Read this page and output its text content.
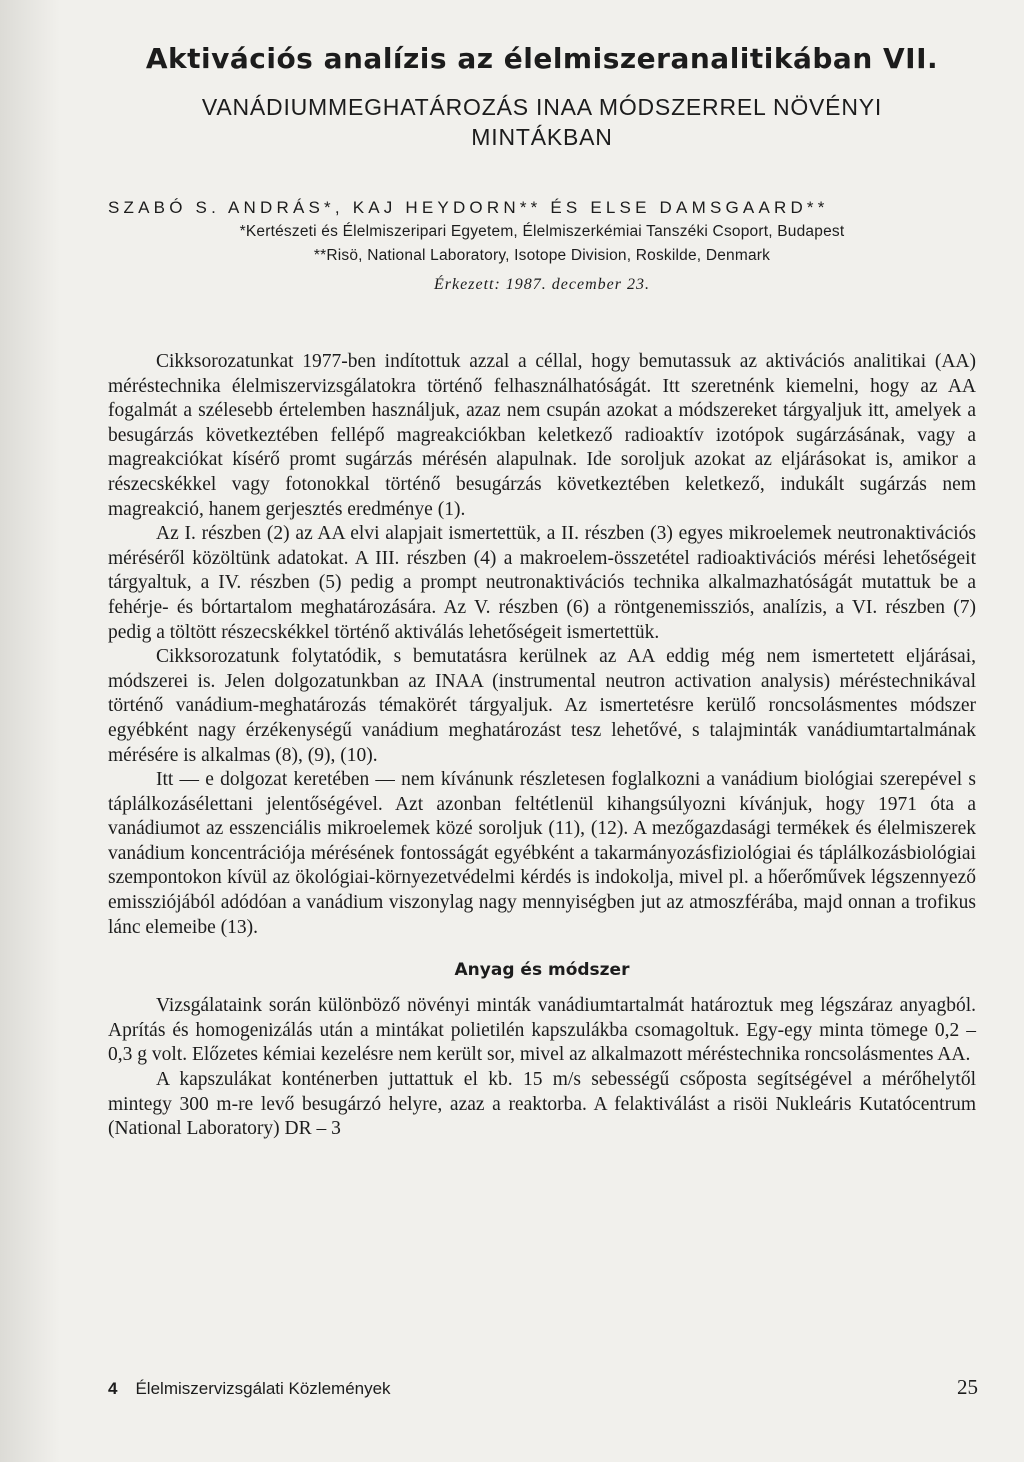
Aktivációs analízis az élelmiszeranalitikában VII.
VANÁDIUMMEGHATÁROZÁS INAA MÓDSZERREL NÖVÉNYI
MINTÁKBAN
SZABÓ S. ANDRÁS*, KAJ HEYDORN** ÉS ELSE DAMSGAARD**
*Kertészeti és Élelmiszeripari Egyetem, Élelmiszerkémiai Tanszéki Csoport, Budapest
**Risö, National Laboratory, Isotope Division, Roskilde, Denmark
Érkezett: 1987. december 23.

Cikksorozatunkat 1977-ben indítottuk azzal a céllal, hogy bemutassuk az aktivációs analitikai (AA) méréstechnika élelmiszervizsgálatokra történő felhasználhatóságát. Itt szeretnénk kiemelni, hogy az AA fogalmát a szélesebb értelemben használjuk, azaz nem csupán azokat a módszereket tárgyaljuk itt, amelyek a besugárzás következtében fellépő magreakciókban keletkező radioaktív izotópok sugárzásának, vagy a magreakciókat kísérő promt sugárzás mérésén alapulnak. Ide soroljuk azokat az eljárásokat is, amikor a részecskékkel vagy fotonokkal történő besugárzás következtében keletkező, indukált sugárzás nem magreakció, hanem gerjesztés eredménye (1).

Az I. részben (2) az AA elvi alapjait ismertettük, a II. részben (3) egyes mikroelemek neutronaktivációs méréséről közöltünk adatokat. A III. részben (4) a makroelem-összetétel radioaktivációs mérési lehetőségeit tárgyaltuk, a IV. részben (5) pedig a prompt neutronaktivációs technika alkalmazhatóságát mutattuk be a fehérje- és bórtartalom meghatározására. Az V. részben (6) a röntgenemissziós, analízis, a VI. részben (7) pedig a töltött részecskékkel történő aktiválás lehetőségeit ismertettük.

Cikksorozatunk folytatódik, s bemutatásra kerülnek az AA eddig még nem ismertetett eljárásai, módszerei is. Jelen dolgozatunkban az INAA (instrumental neutron activation analysis) méréstechnikával történő vanádium-meghatározás témakörét tárgyaljuk. Az ismertetésre kerülő roncsolásmentes módszer egyébként nagy érzékenységű vanádium meghatározást tesz lehetővé, s talajminták vanádiumtartalmának mérésére is alkalmas (8), (9), (10).

Itt — e dolgozat keretében — nem kívánunk részletesen foglalkozni a vanádium biológiai szerepével s táplálkozásélettani jelentőségével. Azt azonban feltétlenül kihangsúlyozni kívánjuk, hogy 1971 óta a vanádiumot az esszenciális mikroelemek közé soroljuk (11), (12). A mezőgazdasági termékek és élelmiszerek vanádium koncentrációja mérésének fontosságát egyébként a takarmányozásfiziológiai és táplálkozásbiológiai szempontokon kívül az ökológiai-környezetvédelmi kérdés is indokolja, mivel pl. a hőerőművek légszennyező emissziójából adódóan a vanádium viszonylag nagy mennyiségben jut az atmoszférába, majd onnan a trofikus lánc elemeibe (13).

Anyag és módszer

Vizsgálataink során különböző növényi minták vanádiumtartalmát határoztuk meg légszáraz anyagból. Aprítás és homogenizálás után a mintákat polietilén kapszulákba csomagoltuk. Egy-egy minta tömege 0,2 – 0,3 g volt. Előzetes kémiai kezelésre nem került sor, mivel az alkalmazott méréstechnika roncsolásmentes AA.

A kapszulákat konténerben juttattuk el kb. 15 m/s sebességű csőposta segítségével a mérőhelytől mintegy 300 m-re levő besugárzó helyre, azaz a reaktorba. A felaktiválást a risöi Nukleáris Kutatócentrum (National Laboratory) DR – 3

4 Élelmiszervizsgálati Közlemények	25
